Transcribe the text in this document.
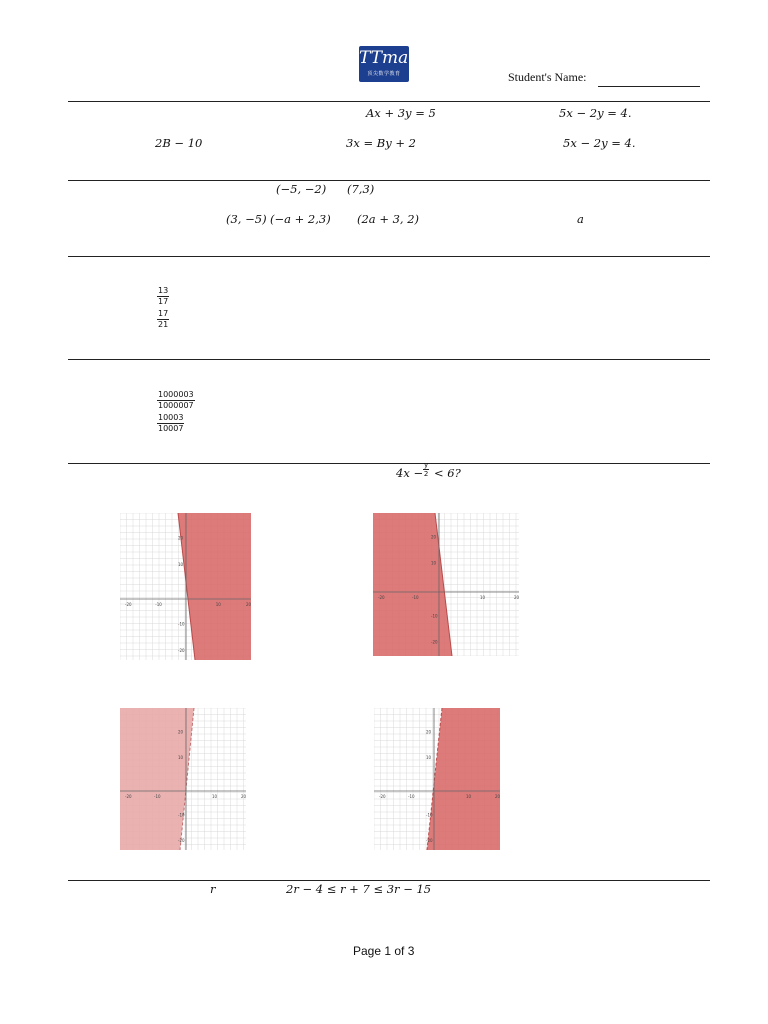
TTmath
顶尖数学教育	Student's Name:
Ax + 3y = 5	5x − 2y = 4.
2B − 10	3x = By + 2	5x − 2y = 4.
(−5, −2) (7,3)
(3, −5) (−a + 2,3) (2a + 3, 2)	a
$\frac{13}{17}$
$\frac{17}{21}$
$\frac{1000003}{1000007}$
$\frac{10003}{10007}$
$4x - \frac{y}{2} < 6$?
-20	-10	10	20
20
10
-10
-20
-20	-10	10	20
20
10
-10
-20
-20	-10	10	20
20
10
-10
-20
-20	-10	10	20
20
10
-10
-20
r	2r − 4 ≤ r + 7 ≤ 3r − 15
Page 1 of 3
